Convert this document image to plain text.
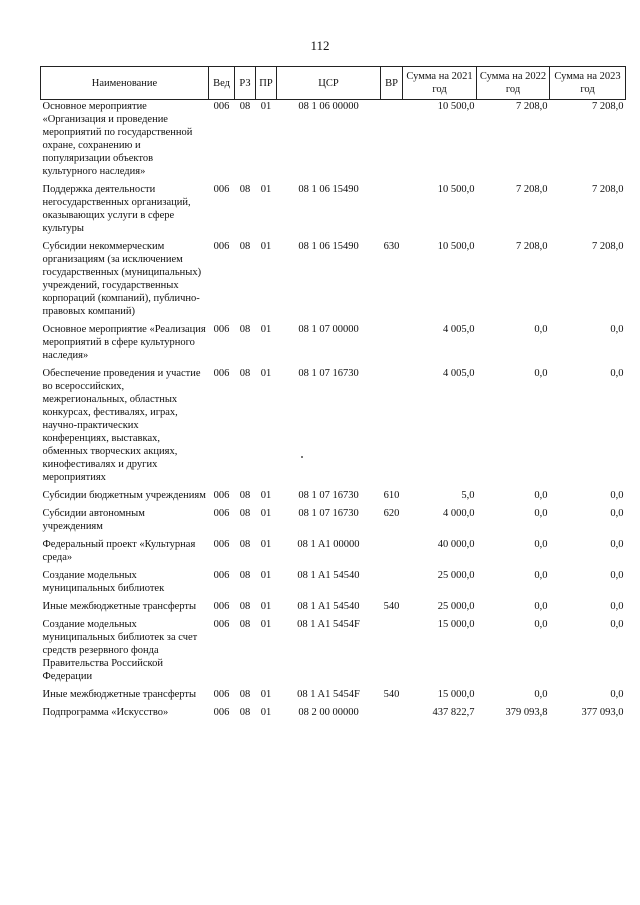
112
Наименование	Вед	РЗ	ПР	ЦСР	ВР	Сумма на 2021 год	Сумма на 2022 год	Сумма на 2023 год
Основное мероприятие «Организация и проведение мероприятий по государственной охране, сохранению и популяризации объектов культурного наследия»	006	08	01	08 1 06 00000		10 500,0	7 208,0	7 208,0
Поддержка деятельности негосударственных организаций, оказывающих услуги в сфере культуры	006	08	01	08 1 06 15490		10 500,0	7 208,0	7 208,0
Субсидии некоммерческим организациям (за исключением государственных (муниципальных) учреждений, государственных корпораций (компаний), публично-правовых компаний)	006	08	01	08 1 06 15490	630	10 500,0	7 208,0	7 208,0
Основное мероприятие «Реализация мероприятий в сфере культурного наследия»	006	08	01	08 1 07 00000		4 005,0	0,0	0,0
Обеспечение проведения и участие во всероссийских, межрегиональных, областных конкурсах, фестивалях, играх, научно-практических конференциях, выставках, обменных творческих акциях, кинофестивалях и других мероприятиях	006	08	01	08 1 07 16730		4 005,0	0,0	0,0
Субсидии бюджетным учреждениям	006	08	01	08 1 07 16730	610	5,0	0,0	0,0
Субсидии автономным учреждениям	006	08	01	08 1 07 16730	620	4 000,0	0,0	0,0
Федеральный проект «Культурная среда»	006	08	01	08 1 A1 00000		40 000,0	0,0	0,0
Создание модельных муниципальных библиотек	006	08	01	08 1 A1 54540		25 000,0	0,0	0,0
Иные межбюджетные трансферты	006	08	01	08 1 A1 54540	540	25 000,0	0,0	0,0
Создание модельных муниципальных библиотек за счет средств резервного фонда Правительства Российской Федерации	006	08	01	08 1 A1 5454F		15 000,0	0,0	0,0
Иные межбюджетные трансферты	006	08	01	08 1 A1 5454F	540	15 000,0	0,0	0,0
Подпрограмма «Искусство»	006	08	01	08 2 00 00000		437 822,7	379 093,8	377 093,0
